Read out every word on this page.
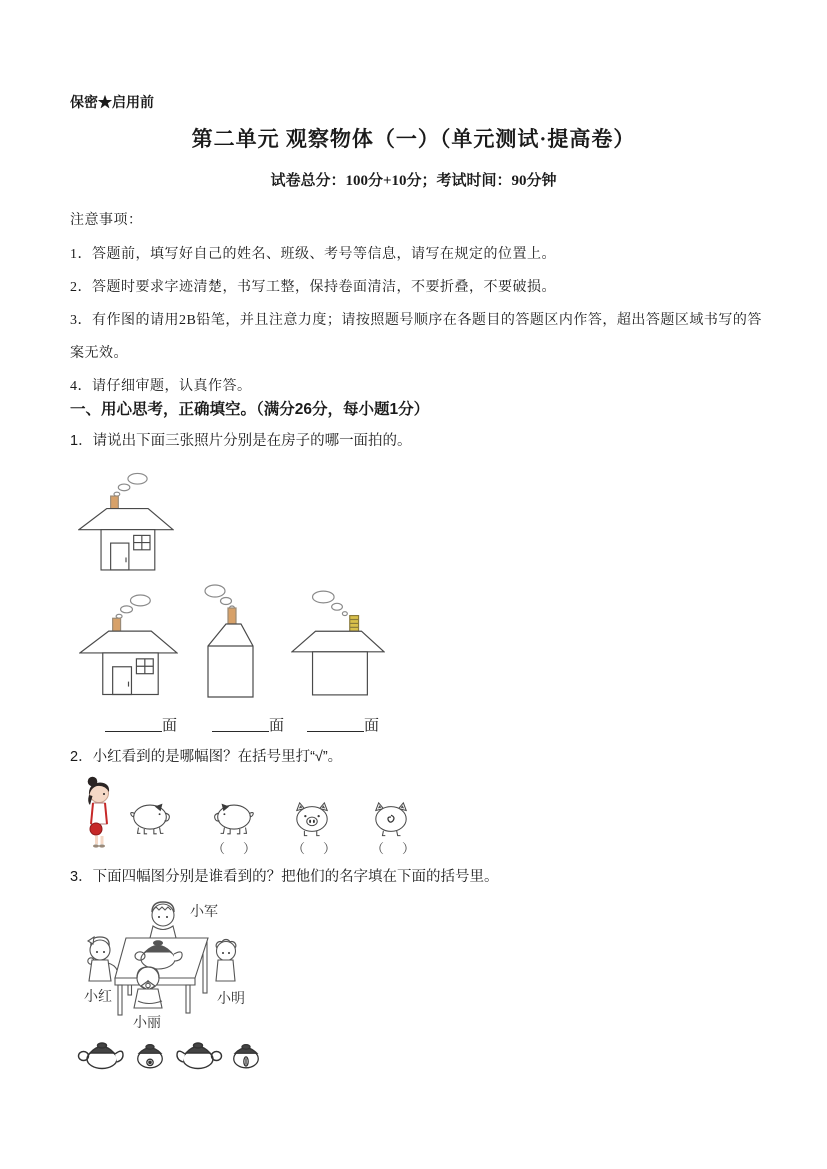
保密★启用前
第二单元 观察物体（一）（单元测试·提高卷）
试卷总分：100分+10分；考试时间：90分钟
注意事项：
1．答题前，填写好自己的姓名、班级、考号等信息，请写在规定的位置上。
2．答题时要求字迹清楚，书写工整，保持卷面清洁，不要折叠，不要破损。
3．有作图的请用2B铅笔，并且注意力度；请按照题号顺序在各题目的答题区内作答，超出答题区域书写的答案无效。
4．请仔细审题，认真作答。
一、用心思考，正确填空。（满分26分，每小题1分）
1．请说出下面三张照片分别是在房子的哪一面拍的。
面	面	面
2．小红看到的是哪幅图？在括号里打“√”。
（ ）	（ ）	（ ）
3．下面四幅图分别是谁看到的？把他们的名字填在下面的括号里。
小军
小红	小明
小丽
